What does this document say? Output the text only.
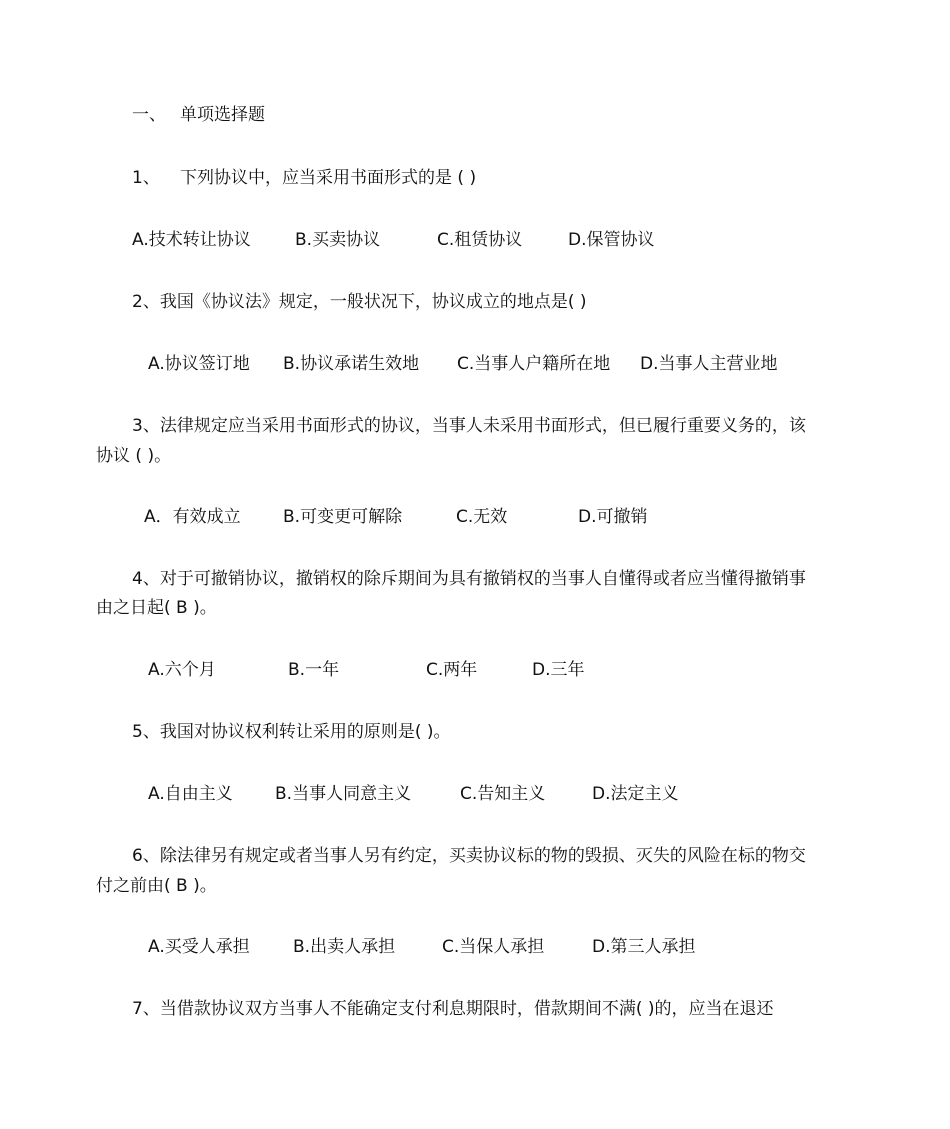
一、 单项选择题
1、 下列协议中，应当采用书面形式的是 ( )
A.技术转让协议	B.买卖协议	C.租赁协议	D.保管协议
2、我国《协议法》规定，一般状况下，协议成立的地点是( )
A.协议签订地 B.协议承诺生效地 C.当事人户籍所在地 D.当事人主营业地
3、法律规定应当采用书面形式的协议，当事人未采用书面形式，但已履行重要义务的，该
协议 ( )。
A．有效成立 B.可变更可解除	C.无效	D.可撤销
4、对于可撤销协议，撤销权的除斥期间为具有撤销权的当事人自懂得或者应当懂得撤销事
由之日起( B )。
A.六个月	B.一年	C.两年	D.三年
5、我国对协议权利转让采用的原则是( )。
A.自由主义 B.当事人同意主义	C.告知主义	D.法定主义
6、除法律另有规定或者当事人另有约定，买卖协议标的物的毁损、灭失的风险在标的物交
付之前由( B )。
A.买受人承担	B.出卖人承担	C.当保人承担	D.第三人承担
7、当借款协议双方当事人不能确定支付利息期限时，借款期间不满( )的，应当在退还
